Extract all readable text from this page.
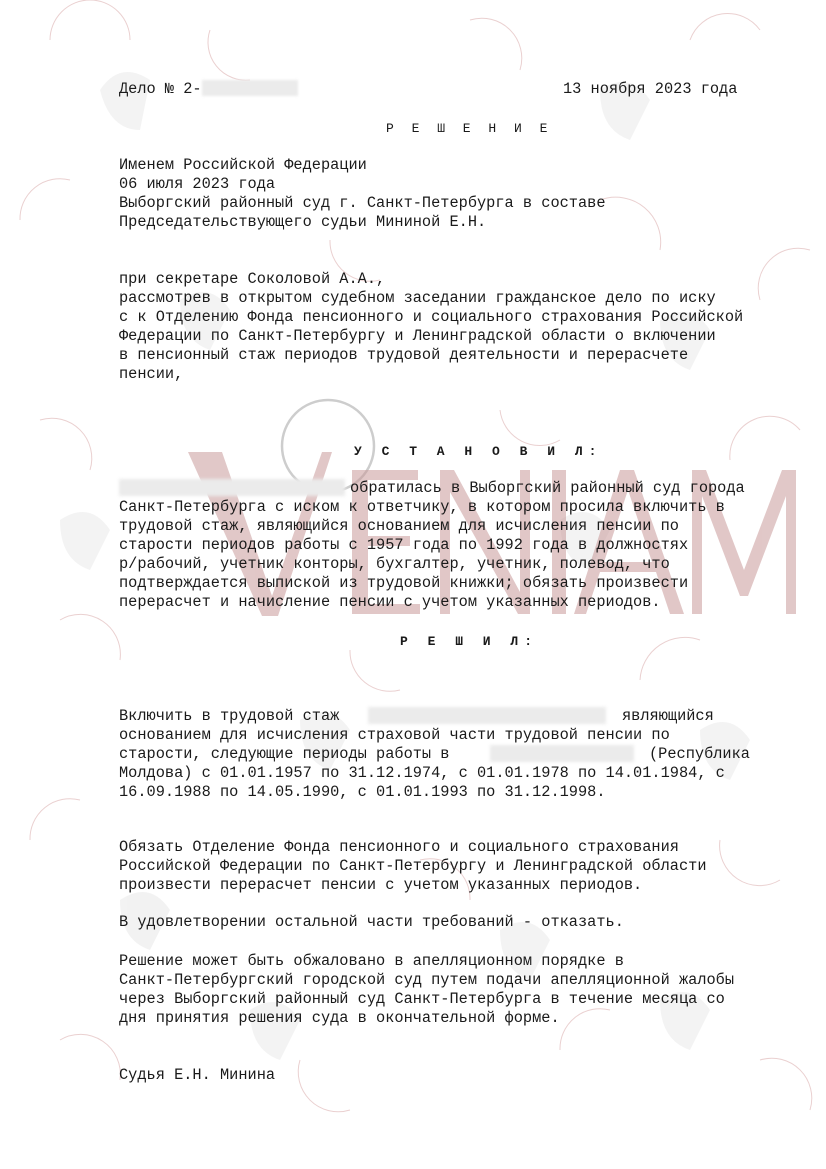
Дело № 2-	13 ноября 2023 года
Р Е Ш Е Н И Е
Именем Российской Федерации
06 июля 2023 года
Выборгский районный суд г. Санкт-Петербурга в составе
Председательствующего судьи Мининой Е.Н.
при секретаре Соколовой А.А.,
рассмотрев в открытом судебном заседании гражданское дело по иску
с к Отделению Фонда пенсионного и социального страхования Российской
Федерации по Санкт-Петербургу и Ленинградской области о включении
в пенсионный стаж периодов трудовой деятельности и перерасчете
пенсии,
У С Т А Н О В И Л:
обратилась в Выборгский районный суд города
Санкт-Петербурга с иском к ответчику, в котором просила включить в
трудовой стаж, являющийся основанием для исчисления пенсии по
старости периодов работы с 1957 года по 1992 года в должностях
р/рабочий, учетник конторы, бухгалтер, учетник, полевод, что
подтверждается выпиской из трудовой книжки; обязать произвести
перерасчет и начисление пенсии с учетом указанных периодов.
Р Е Ш И Л:
Включить в трудовой стаж	являющийся
основанием для исчисления страховой части трудовой пенсии по
старости, следующие периоды работы в	(Республика
Молдова) с 01.01.1957 по 31.12.1974, с 01.01.1978 по 14.01.1984, с
16.09.1988 по 14.05.1990, с 01.01.1993 по 31.12.1998.
Обязать Отделение Фонда пенсионного и социального страхования
Российской Федерации по Санкт-Петербургу и Ленинградской области
произвести перерасчет пенсии с учетом указанных периодов.
В удовлетворении остальной части требований - отказать.
Решение может быть обжаловано в апелляционном порядке в
Санкт-Петербургский городской суд путем подачи апелляционной жалобы
через Выборгский районный суд Санкт-Петербурга в течение месяца со
дня принятия решения суда в окончательной форме.
Судья Е.Н. Минина
